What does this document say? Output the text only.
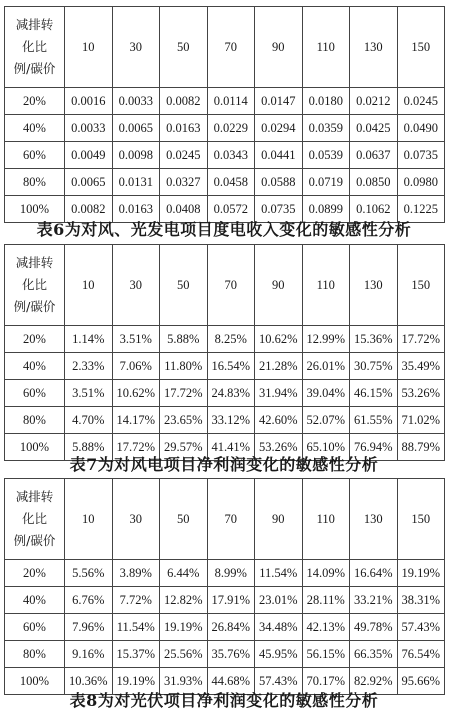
减排转
化比
例/碳价	10	30	50	70	90	110	130	150
20%	0.0016	0.0033	0.0082	0.0114	0.0147	0.0180	0.0212	0.0245
40%	0.0033	0.0065	0.0163	0.0229	0.0294	0.0359	0.0425	0.0490
60%	0.0049	0.0098	0.0245	0.0343	0.0441	0.0539	0.0637	0.0735
80%	0.0065	0.0131	0.0327	0.0458	0.0588	0.0719	0.0850	0.0980
100%	0.0082	0.0163	0.0408	0.0572	0.0735	0.0899	0.1062	0.1225
表6为对风、光发电项目度电收入变化的敏感性分析
减排转
化比
例/碳价	10	30	50	70	90	110	130	150
20%	1.14%	3.51%	5.88%	8.25%	10.62%	12.99%	15.36%	17.72%
40%	2.33%	7.06%	11.80%	16.54%	21.28%	26.01%	30.75%	35.49%
60%	3.51%	10.62%	17.72%	24.83%	31.94%	39.04%	46.15%	53.26%
80%	4.70%	14.17%	23.65%	33.12%	42.60%	52.07%	61.55%	71.02%
100%	5.88%	17.72%	29.57%	41.41%	53.26%	65.10%	76.94%	88.79%
表7为对风电项目净利润变化的敏感性分析
减排转
化比
例/碳价	10	30	50	70	90	110	130	150
20%	5.56%	3.89%	6.44%	8.99%	11.54%	14.09%	16.64%	19.19%
40%	6.76%	7.72%	12.82%	17.91%	23.01%	28.11%	33.21%	38.31%
60%	7.96%	11.54%	19.19%	26.84%	34.48%	42.13%	49.78%	57.43%
80%	9.16%	15.37%	25.56%	35.76%	45.95%	56.15%	66.35%	76.54%
100%	10.36%	19.19%	31.93%	44.68%	57.43%	70.17%	82.92%	95.66%
表8为对光伏项目净利润变化的敏感性分析
